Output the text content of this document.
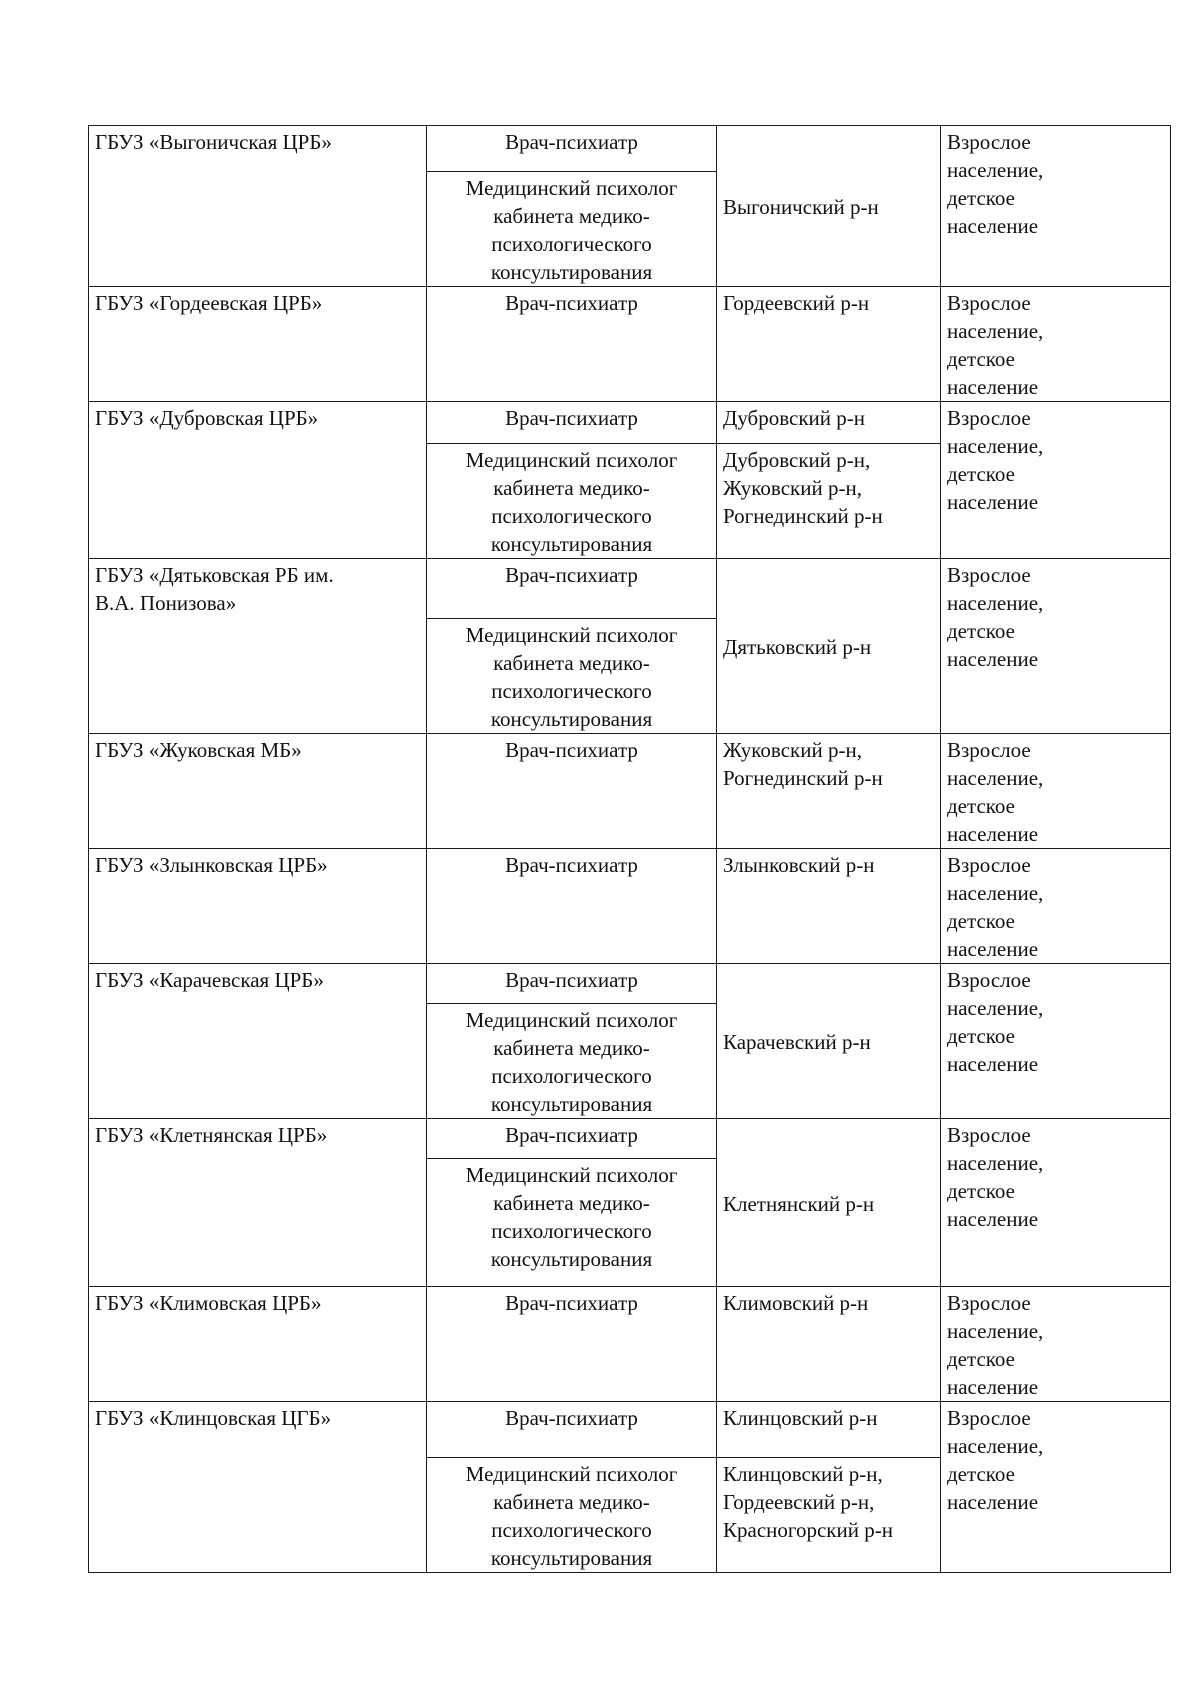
ГБУЗ «Выгоничская ЦРБ»	Врач-психиатр	Выгоничский р-н	Взрослое
население,
детское
население
	Медицинский психолог
кабинета медико-
психологического
консультирования		
ГБУЗ «Гордеевская ЦРБ»	Врач-психиатр	Гордеевский р-н	Взрослое
население,
детское
население
ГБУЗ «Дубровская ЦРБ»	Врач-психиатр	Дубровский р-н	Взрослое
население,
детское
население
	Медицинский психолог
кабинета медико-
психологического
консультирования	Дубровский р-н,
Жуковский р-н,
Рогнединский р-н	
ГБУЗ «Дятьковская РБ им.
В.А. Понизова»	Врач-психиатр	Дятьковский р-н	Взрослое
население,
детское
население
	Медицинский психолог
кабинета медико-
психологического
консультирования		
ГБУЗ «Жуковская МБ»	Врач-психиатр	Жуковский р-н,
Рогнединский р-н	Взрослое
население,
детское
население
ГБУЗ «Злынковская ЦРБ»	Врач-психиатр	Злынковский р-н	Взрослое
население,
детское
население
ГБУЗ «Карачевская ЦРБ»	Врач-психиатр	Карачевский р-н	Взрослое
население,
детское
население
	Медицинский психолог
кабинета медико-
психологического
консультирования		
ГБУЗ «Клетнянская ЦРБ»	Врач-психиатр	Клетнянский р-н	Взрослое
население,
детское
население
	Медицинский психолог
кабинета медико-
психологического
консультирования		
ГБУЗ «Климовская ЦРБ»	Врач-психиатр	Климовский р-н	Взрослое
население,
детское
население
ГБУЗ «Клинцовская ЦГБ»	Врач-психиатр	Клинцовский р-н	Взрослое
население,
детское
население
	Медицинский психолог
кабинета медико-
психологического
консультирования	Клинцовский р-н,
Гордеевский р-н,
Красногорский р-н	
